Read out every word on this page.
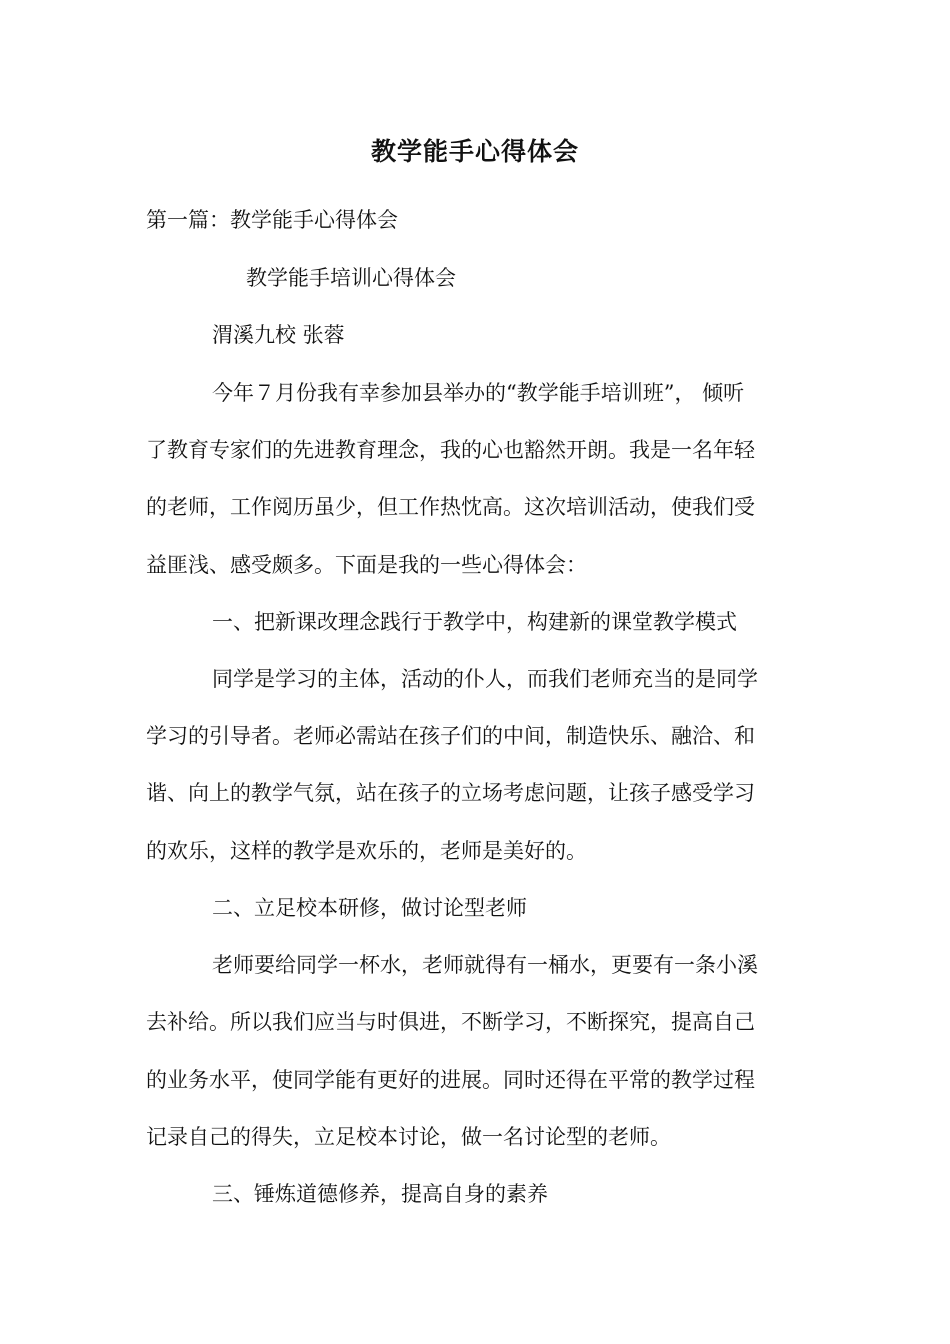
教学能手心得体会
第一篇：教学能手心得体会
教学能手培训心得体会
渭溪九校 张蓉
今年７月份我有幸参加县举办的“教学能手培训班”， 倾听
了教育专家们的先进教育理念，我的心也豁然开朗。我是一名年轻
的老师，工作阅历虽少，但工作热忱高。这次培训活动，使我们受
益匪浅、感受颇多。下面是我的一些心得体会：
一、把新课改理念践行于教学中，构建新的课堂教学模式
同学是学习的主体，活动的仆人，而我们老师充当的是同学
学习的引导者。老师必需站在孩子们的中间，制造快乐、融洽、和
谐、向上的教学气氛，站在孩子的立场考虑问题，让孩子感受学习
的欢乐，这样的教学是欢乐的，老师是美好的。
二、立足校本研修，做讨论型老师
老师要给同学一杯水，老师就得有一桶水，更要有一条小溪
去补给。所以我们应当与时俱进，不断学习，不断探究，提高自己
的业务水平，使同学能有更好的进展。同时还得在平常的教学过程
记录自己的得失，立足校本讨论，做一名讨论型的老师。
三、锤炼道德修养，提高自身的素养
